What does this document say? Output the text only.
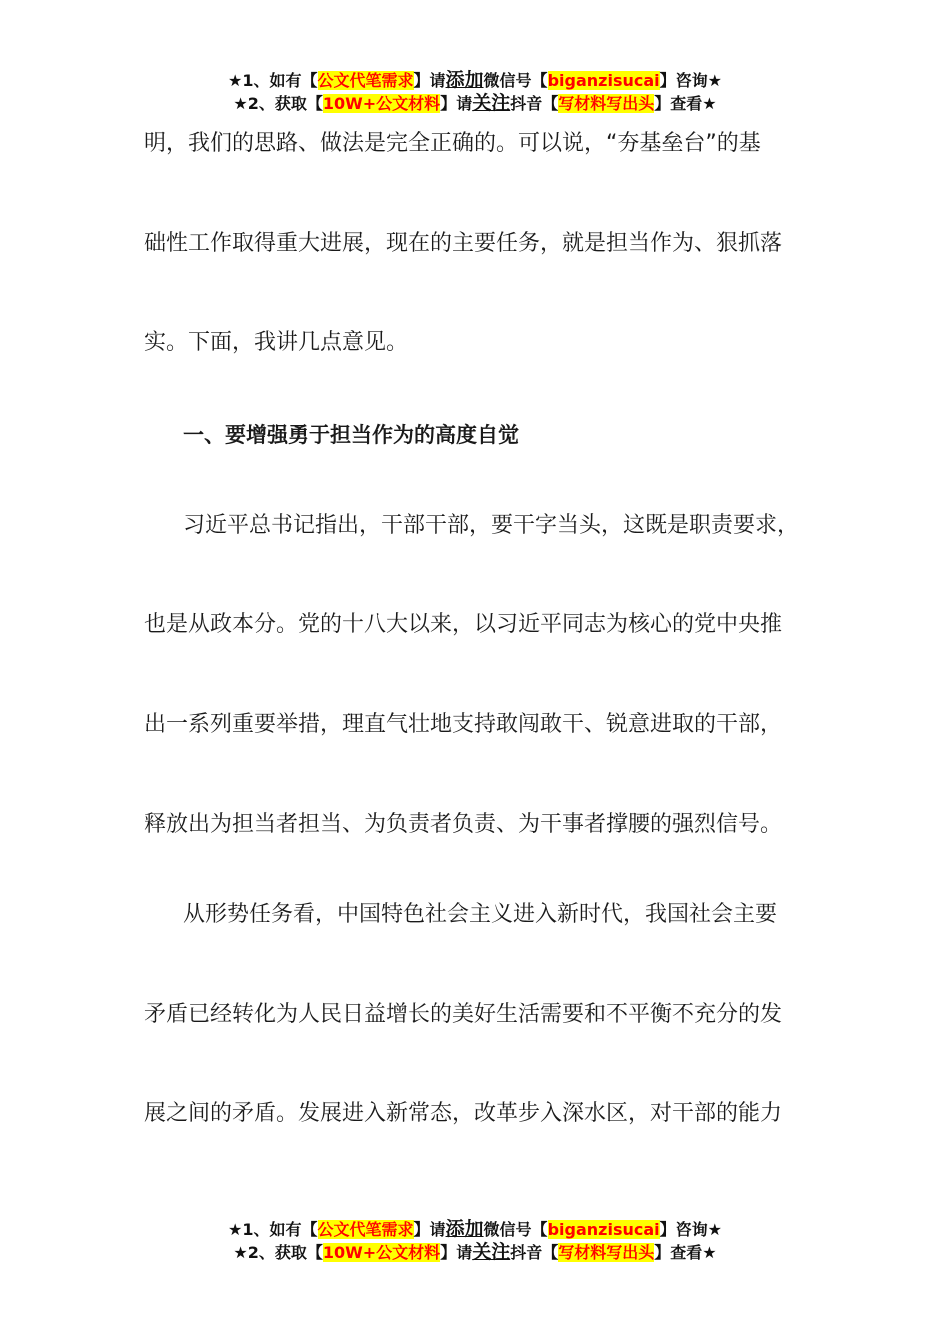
★1、如有【公文代笔需求】请添加微信号【biganzisucai】咨询★
★2、获取【10W+公文材料】请关注抖音【写材料写出头】查看★
明，我们的思路、做法是完全正确的。可以说，“夯基垒台”的基
础性工作取得重大进展，现在的主要任务，就是担当作为、狠抓落
实。下面，我讲几点意见。
一、要增强勇于担当作为的高度自觉
习近平总书记指出，干部干部，要干字当头，这既是职责要求，
也是从政本分。党的十八大以来，以习近平同志为核心的党中央推
出一系列重要举措，理直气壮地支持敢闯敢干、锐意进取的干部，
释放出为担当者担当、为负责者负责、为干事者撑腰的强烈信号。
从形势任务看，中国特色社会主义进入新时代，我国社会主要
矛盾已经转化为人民日益增长的美好生活需要和不平衡不充分的发
展之间的矛盾。发展进入新常态，改革步入深水区，对干部的能力
★1、如有【公文代笔需求】请添加微信号【biganzisucai】咨询★
★2、获取【10W+公文材料】请关注抖音【写材料写出头】查看★
